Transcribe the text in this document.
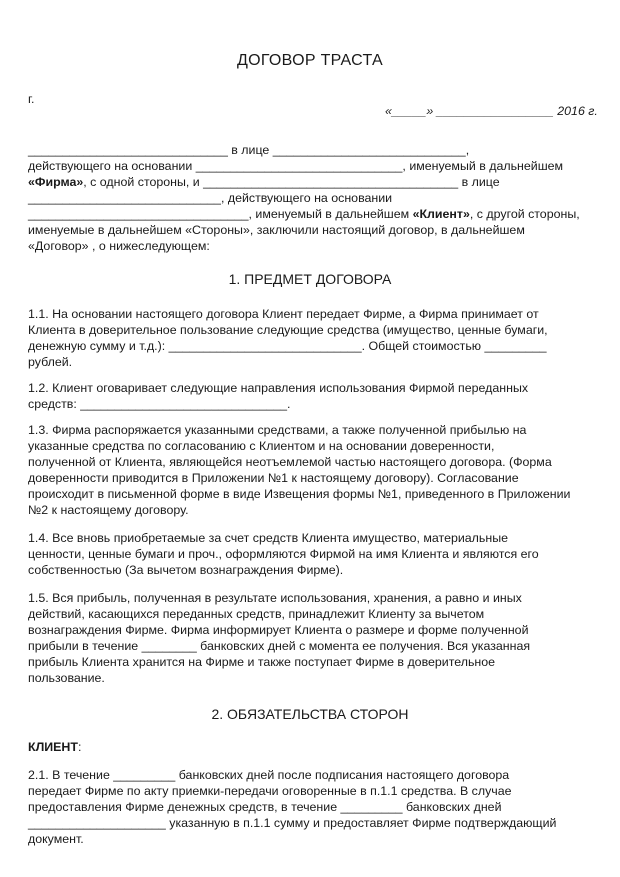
ДОГОВОР ТРАСТА
г.
«_____» _________________ 2016 г.
_____________________________ в лице ____________________________,
действующего на основании ______________________________, именуемый в дальнейшем
«Фирма», с одной стороны, и _____________________________________ в лице
____________________________, действующего на основании
________________________________, именуемый в дальнейшем «Клиент», с другой стороны,
именуемые в дальнейшем «Стороны», заключили настоящий договор, в дальнейшем
«Договор» , о нижеследующем:
1. ПРЕДМЕТ ДОГОВОРА
1.1. На основании настоящего договора Клиент передает Фирме, а Фирма принимает от
Клиента в доверительное пользование следующие средства (имущество, ценные бумаги,
денежную сумму и т.д.): ____________________________. Общей стоимостью _________
рублей.
1.2. Клиент оговаривает следующие направления использования Фирмой переданных
средств: ______________________________.
1.3. Фирма распоряжается указанными средствами, а также полученной прибылью на
указанные средства по согласованию с Клиентом и на основании доверенности,
полученной от Клиента, являющейся неотъемлемой частью настоящего договора. (Форма
доверенности приводится в Приложении №1 к настоящему договору). Согласование
происходит в письменной форме в виде Извещения формы №1, приведенного в Приложении
№2 к настоящему договору.
1.4. Все вновь приобретаемые за счет средств Клиента имущество, материальные
ценности, ценные бумаги и проч., оформляются Фирмой на имя Клиента и являются его
собственностью (За вычетом вознаграждения Фирме).
1.5. Вся прибыль, полученная в результате использования, хранения, а равно и иных
действий, касающихся переданных средств, принадлежит Клиенту за вычетом
вознаграждения Фирме. Фирма информирует Клиента о размере и форме полученной
прибыли в течение ________ банковских дней с момента ее получения. Вся указанная
прибыль Клиента хранится на Фирме и также поступает Фирме в доверительное
пользование.
2. ОБЯЗАТЕЛЬСТВА СТОРОН
КЛИЕНТ:
2.1. В течение _________ банковских дней после подписания настоящего договора
передает Фирме по акту приемки-передачи оговоренные в п.1.1 средства. В случае
предоставления Фирме денежных средств, в течение _________ банковских дней
____________________ указанную в п.1.1 сумму и предоставляет Фирме подтверждающий
документ.
